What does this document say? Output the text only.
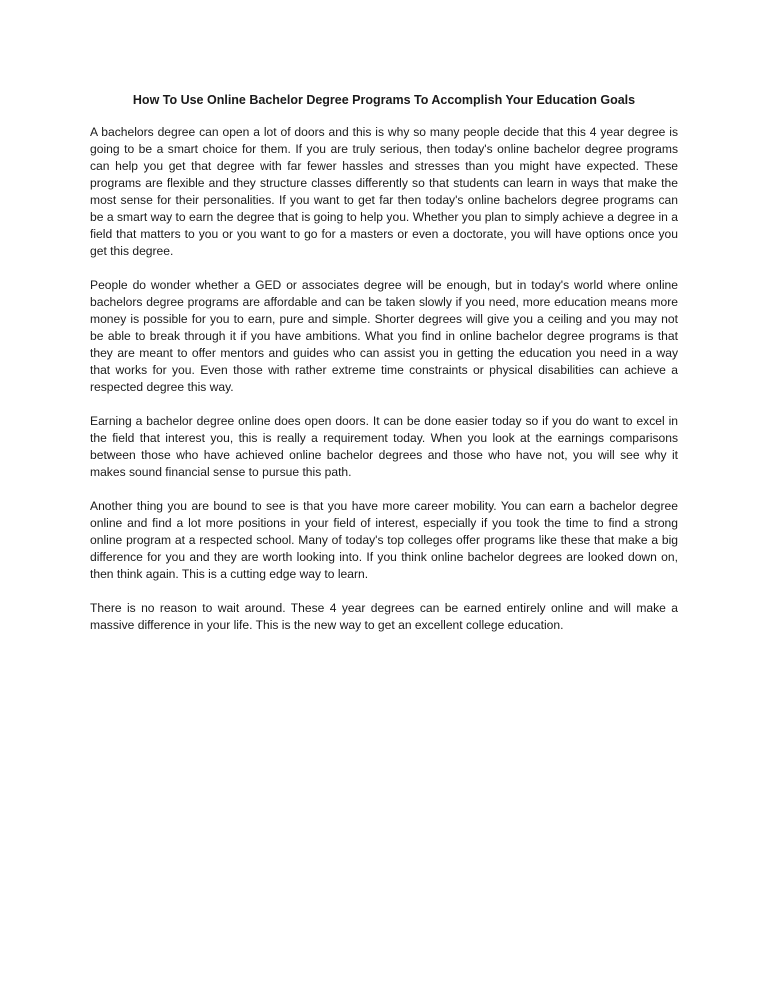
How To Use Online Bachelor Degree Programs To Accomplish Your Education Goals

A bachelors degree can open a lot of doors and this is why so many people decide that this 4 year degree is going to be a smart choice for them. If you are truly serious, then today's online bachelor degree programs can help you get that degree with far fewer hassles and stresses than you might have expected. These programs are flexible and they structure classes differently so that students can learn in ways that make the most sense for their personalities. If you want to get far then today's online bachelors degree programs can be a smart way to earn the degree that is going to help you. Whether you plan to simply achieve a degree in a field that matters to you or you want to go for a masters or even a doctorate, you will have options once you get this degree.

People do wonder whether a GED or associates degree will be enough, but in today's world where online bachelors degree programs are affordable and can be taken slowly if you need, more education means more money is possible for you to earn, pure and simple. Shorter degrees will give you a ceiling and you may not be able to break through it if you have ambitions. What you find in online bachelor degree programs is that they are meant to offer mentors and guides who can assist you in getting the education you need in a way that works for you. Even those with rather extreme time constraints or physical disabilities can achieve a respected degree this way.

Earning a bachelor degree online does open doors. It can be done easier today so if you do want to excel in the field that interest you, this is really a requirement today. When you look at the earnings comparisons between those who have achieved online bachelor degrees and those who have not, you will see why it makes sound financial sense to pursue this path.

Another thing you are bound to see is that you have more career mobility. You can earn a bachelor degree online and find a lot more positions in your field of interest, especially if you took the time to find a strong online program at a respected school. Many of today's top colleges offer programs like these that make a big difference for you and they are worth looking into. If you think online bachelor degrees are looked down on, then think again. This is a cutting edge way to learn.

There is no reason to wait around. These 4 year degrees can be earned entirely online and will make a massive difference in your life. This is the new way to get an excellent college education.
